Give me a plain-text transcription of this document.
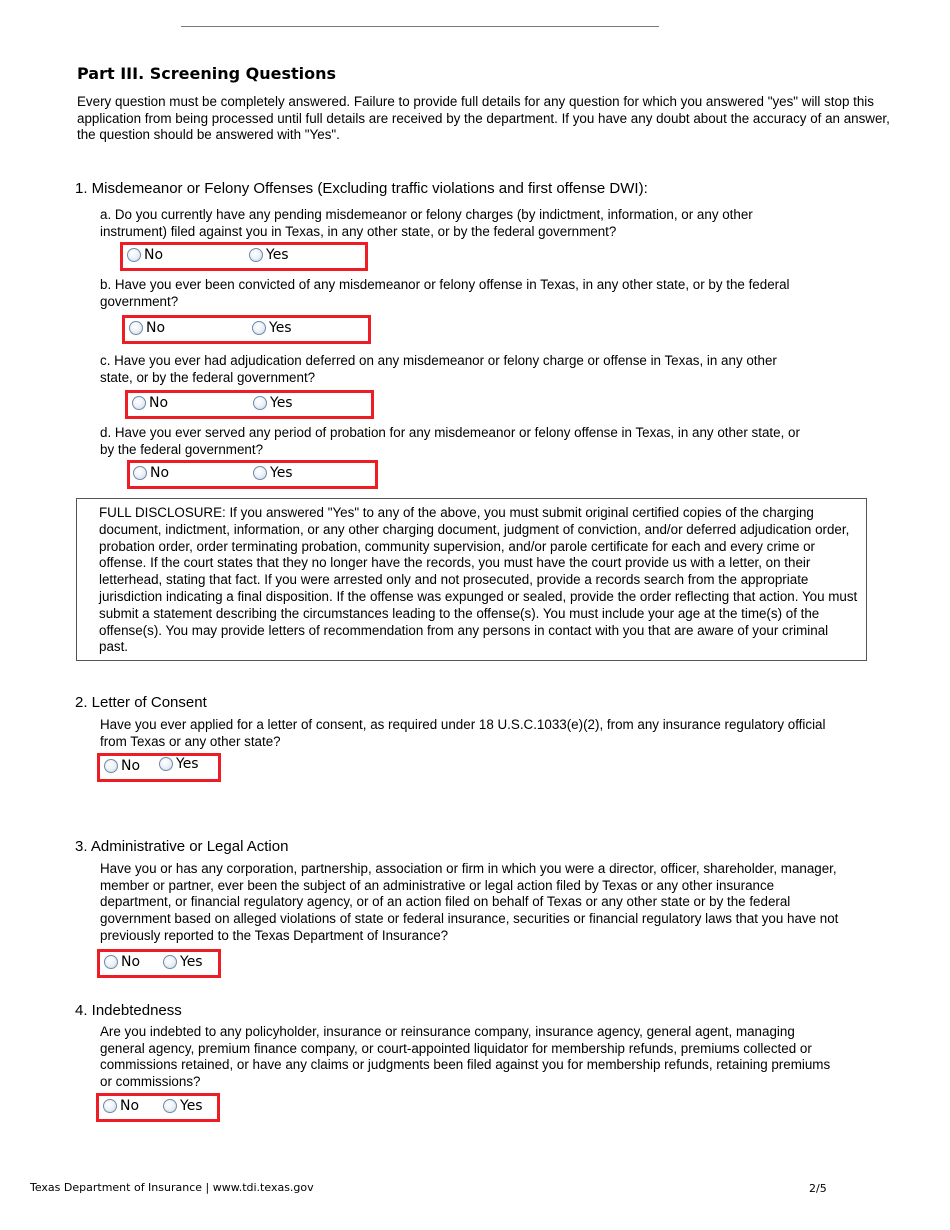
Part III. Screening Questions
Every question must be completely answered. Failure to provide full details for any question for which you answered "yes" will stop this application from being processed until full details are received by the department. If you have any doubt about the accuracy of an answer, the question should be answered with "Yes".
1. Misdemeanor or Felony Offenses (Excluding traffic violations and first offense DWI):
a. Do you currently have any pending misdemeanor or felony charges (by indictment, information, or any other instrument) filed against you in Texas, in any other state, or by the federal government?
No	Yes
b. Have you ever been convicted of any misdemeanor or felony offense in Texas, in any other state, or by the federal government?
No	Yes
c. Have you ever had adjudication deferred on any misdemeanor or felony charge or offense in Texas, in any other state, or by the federal government?
No	Yes
d. Have you ever served any period of probation for any misdemeanor or felony offense in Texas, in any other state, or by the federal government?
No	Yes
FULL DISCLOSURE: If you answered "Yes" to any of the above, you must submit original certified copies of the charging document, indictment, information, or any other charging document, judgment of conviction, and/or deferred adjudication order, probation order, order terminating probation, community supervision, and/or parole certificate for each and every crime or offense. If the court states that they no longer have the records, you must have the court provide us with a letter, on their letterhead, stating that fact. If you were arrested only and not prosecuted, provide a records search from the appropriate jurisdiction indicating a final disposition. If the offense was expunged or sealed, provide the order reflecting that action. You must submit a statement describing the circumstances leading to the offense(s). You must include your age at the time(s) of the offense(s). You may provide letters of recommendation from any persons in contact with you that are aware of your criminal past.
2. Letter of Consent
Have you ever applied for a letter of consent, as required under 18 U.S.C.1033(e)(2), from any insurance regulatory official from Texas or any other state?
No	Yes
3. Administrative or Legal Action
Have you or has any corporation, partnership, association or firm in which you were a director, officer, shareholder, manager, member or partner, ever been the subject of an administrative or legal action filed by Texas or any other insurance department, or financial regulatory agency, or of an action filed on behalf of Texas or any other state or by the federal government based on alleged violations of state or federal insurance, securities or financial regulatory laws that you have not previously reported to the Texas Department of Insurance?
No	Yes
4. Indebtedness
Are you indebted to any policyholder, insurance or reinsurance company, insurance agency, general agent, managing general agency, premium finance company, or court-appointed liquidator for membership refunds, premiums collected or commissions retained, or have any claims or judgments been filed against you for membership refunds, retaining premiums or commissions?
No	Yes
Texas Department of Insurance | www.tdi.texas.gov	2/5
